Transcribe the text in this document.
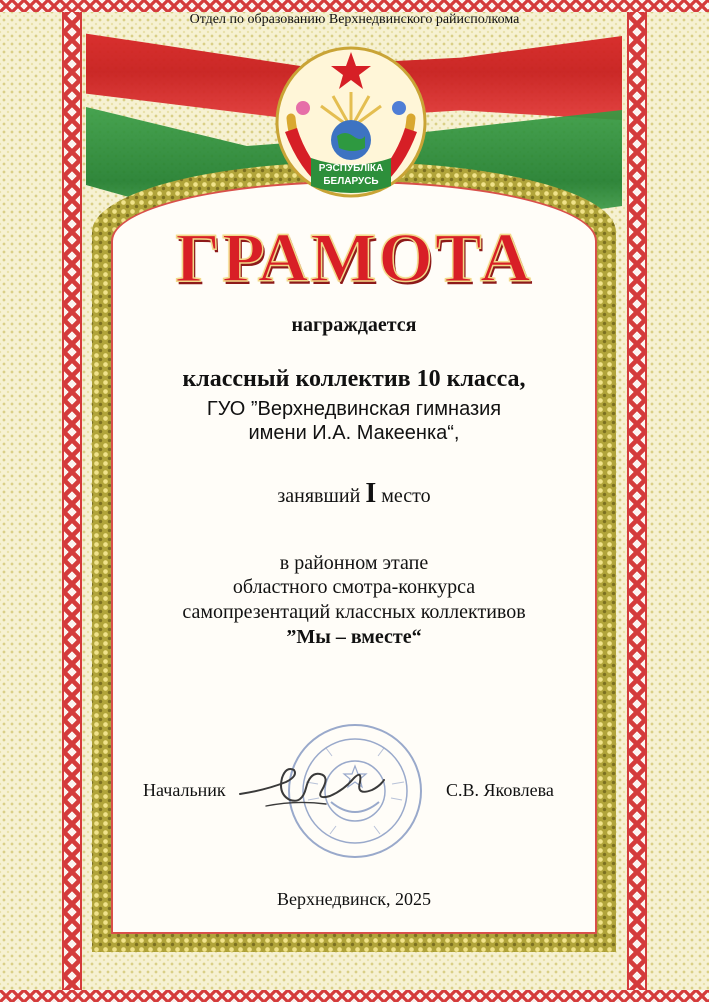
Отдел по образованию Верхнедвинского райисполкома
РЭСПУБЛІКА
БЕЛАРУСЬ
ГРАМОТА
награждается
классный коллектив 10 класса,
ГУО ”Верхнедвинская гимназия
имени И.А. Макеенка“,
занявший I место
в районном этапе
областного смотра-конкурса
самопрезентаций классных коллективов
”Мы – вместе“
Начальник	С.В. Яковлева
Верхнедвинск, 2025
